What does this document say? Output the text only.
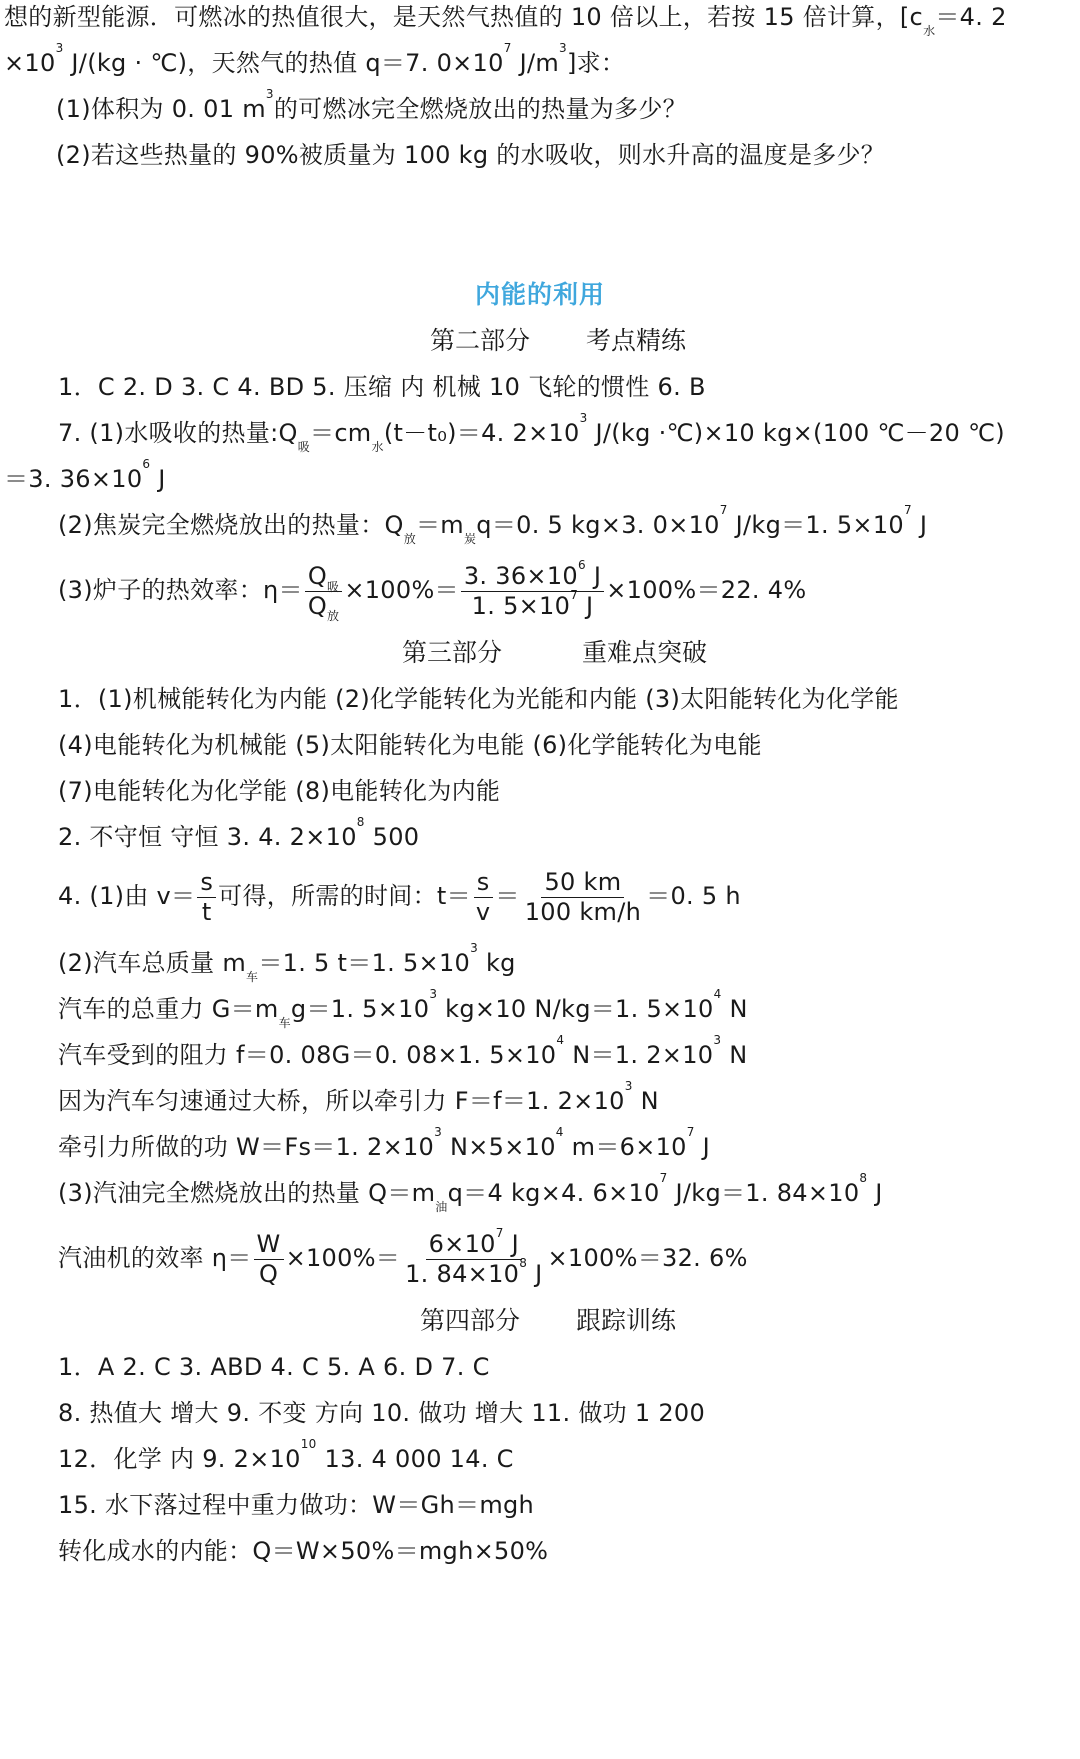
想的新型能源．可燃冰的热值很大，是天然气热值的 10 倍以上，若按 15 倍计算，[$c_水=4$. 2
$\times 10^3$ J/(kg · ℃)，天然气的热值 q＝7. $0\times 10^7$ $J/m^3$]求：
(1)体积为 0. 01 $m^3$的可燃冰完全燃烧放出的热量为多少？
(2)若这些热量的 90%被质量为 100 kg 的水吸收，则水升高的温度是多少？
内能的利用
第二部分 考点精练
1．C 2. D 3. C 4. BD 5. 压缩 内 机械 10 飞轮的惯性 6. B
7. (1)水吸收的热量$:Q_吸=cm_水(t-t_0)=4$. $2\times 10^3$ J/(kg ·℃)×10 kg×(100 ℃－20 ℃)
＝3. $36\times 10^6$ J
(2)焦炭完全燃烧放出的热量：$Q_放=m_炭q=0$. 5 kg×3. $0\times 10^7$ J/kg＝1. $5\times 10^7$ J
(3)炉子的热效率：$\eta= \frac{Q_吸}{Q_放} \times 100\%= \frac{3. 36\times 10^6 J}{1. 5\times 10^7 J} \times 100\%=22$. 4%
第三部分	重难点突破
1．(1)机械能转化为内能 (2)化学能转化为光能和内能 (3)太阳能转化为化学能
(4)电能转化为机械能 (5)太阳能转化为电能 (6)化学能转化为电能
(7)电能转化为化学能 (8)电能转化为内能
2. 不守恒 守恒 3. 4. $2\times 10^8$ 500
4. (1)由 $v= \frac{s}{t}$ 可得，所需的时间：$t= \frac{s}{v} = \frac{50 km}{100 km/h} =0$. 5 h
(2)汽车总质量 $m_车=1$. 5 t＝1. $5\times 10^3$ kg
汽车的总重力 $G=m_车g=1$. $5\times 10^3$ kg×10 N/kg＝1. $5\times 10^4$ N
汽车受到的阻力 f＝0. 08G＝0. 08×1. $5\times 10^4$ N＝1. $2\times 10^3$ N
因为汽车匀速通过大桥，所以牵引力 F＝f＝1. $2\times 10^3$ N
牵引力所做的功 W＝Fs＝1. $2\times 10^3$ $N\times 5\times 10^4$ $m=6\times 10^7$ J
(3)汽油完全燃烧放出的热量 $Q=m_油q=4$ kg×4. $6\times 10^7$ J/kg＝1. $84\times 10^8$ J
汽油机的效率 $\eta= \frac{W}{Q} \times 100\%= \frac{6\times 10^7 J}{1. 84\times 10^8 J} \times 100\%=32$. 6%
第四部分 跟踪训练
1．A 2. C 3. ABD 4. C 5. A 6. D 7. C
8. 热值大 增大 9. 不变 方向 10. 做功 增大 11. 做功 1 200
12．化学 内 9. $2\times 10^{10}$ 13. 4 000 14. C
15. 水下落过程中重力做功：W＝Gh＝mgh
转化成水的内能：Q＝W×50%＝mgh×50%
